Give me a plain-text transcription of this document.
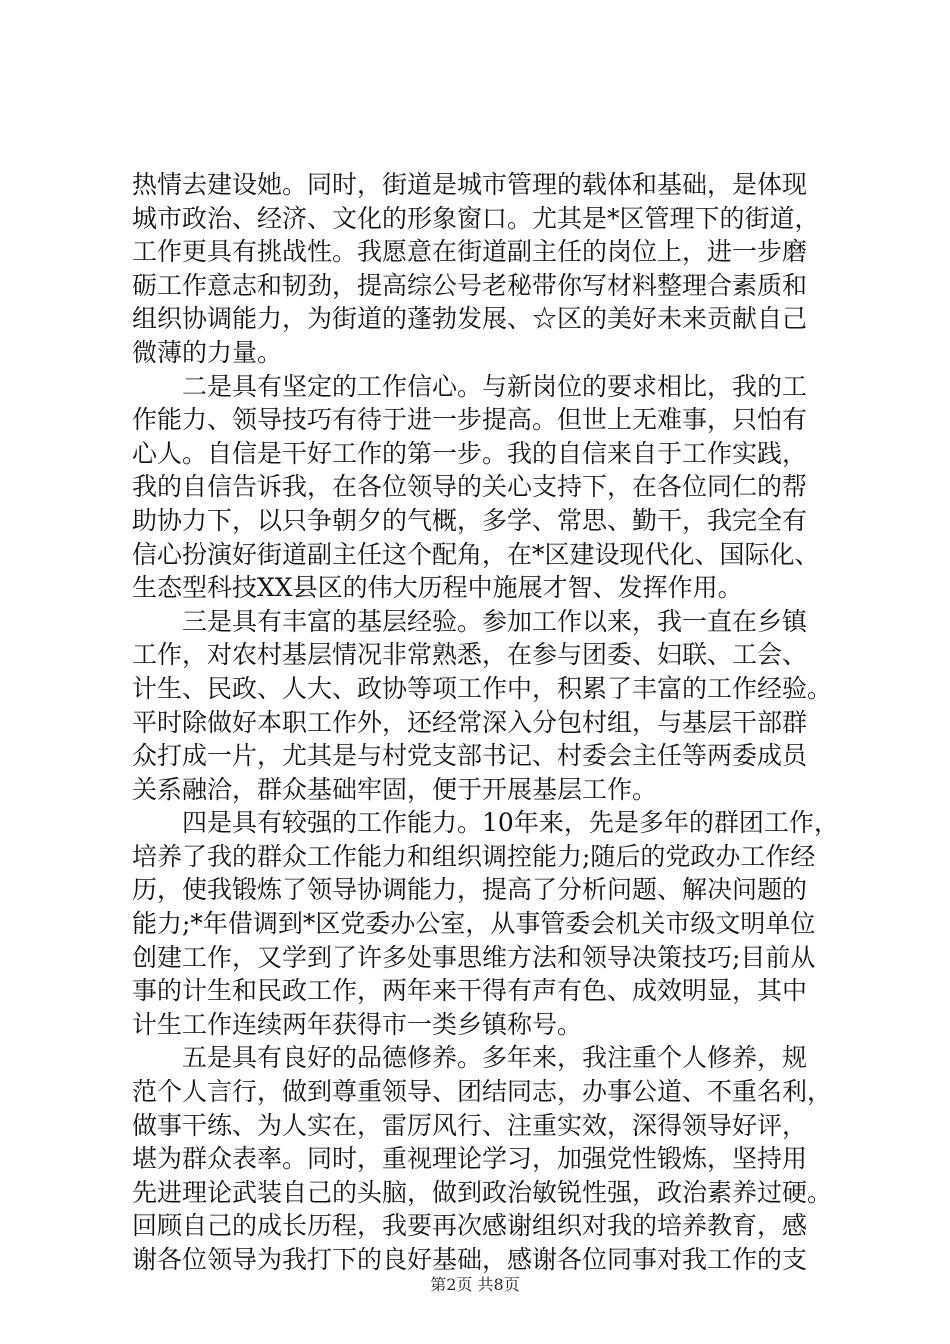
热情去建设她。同时，街道是城市管理的载体和基础，是体现
城市政治、经济、文化的形象窗口。尤其是*区管理下的街道，
工作更具有挑战性。我愿意在街道副主任的岗位上，进一步磨
砺工作意志和韧劲，提高综公号老秘带你写材料整理合素质和
组织协调能力，为街道的蓬勃发展、☆区的美好未来贡献自己
微薄的力量。
二是具有坚定的工作信心。与新岗位的要求相比，我的工
作能力、领导技巧有待于进一步提高。但世上无难事，只怕有
心人。自信是干好工作的第一步。我的自信来自于工作实践，
我的自信告诉我，在各位领导的关心支持下，在各位同仁的帮
助协力下，以只争朝夕的气概，多学、常思、勤干，我完全有
信心扮演好街道副主任这个配角，在*区建设现代化、国际化、
生态型科技XX县区的伟大历程中施展才智、发挥作用。
三是具有丰富的基层经验。参加工作以来，我一直在乡镇
工作，对农村基层情况非常熟悉，在参与团委、妇联、工会、
计生、民政、人大、政协等项工作中，积累了丰富的工作经验。
平时除做好本职工作外，还经常深入分包村组，与基层干部群
众打成一片，尤其是与村党支部书记、村委会主任等两委成员
关系融洽，群众基础牢固，便于开展基层工作。
四是具有较强的工作能力。10年来，先是多年的群团工作，
培养了我的群众工作能力和组织调控能力;随后的党政办工作经
历，使我锻炼了领导协调能力，提高了分析问题、解决问题的
能力;*年借调到*区党委办公室，从事管委会机关市级文明单位
创建工作，又学到了许多处事思维方法和领导决策技巧;目前从
事的计生和民政工作，两年来干得有声有色、成效明显，其中
计生工作连续两年获得市一类乡镇称号。
五是具有良好的品德修养。多年来，我注重个人修养，规
范个人言行，做到尊重领导、团结同志，办事公道、不重名利，
做事干练、为人实在，雷厉风行、注重实效，深得领导好评，
堪为群众表率。同时，重视理论学习，加强党性锻炼，坚持用
先进理论武装自己的头脑，做到政治敏锐性强，政治素养过硬。
回顾自己的成长历程，我要再次感谢组织对我的培养教育，感
谢各位领导为我打下的良好基础，感谢各位同事对我工作的支
第2页 共8页
